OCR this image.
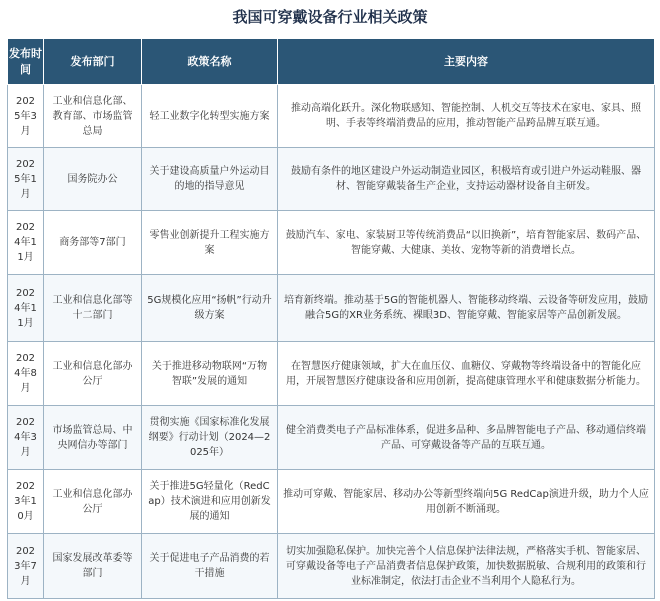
我国可穿戴设备行业相关政策
发布时间	发布部门	政策名称	主要内容
2025年3月	工业和信息化部、教育部、市场监管总局	轻工业数字化转型实施方案	推动高端化跃升。深化物联感知、智能控制、人机交互等技术在家电、家具、照明、手表等终端消费品的应用，推动智能产品跨品牌互联互通。
2025年1月	国务院办公	关于建设高质量户外运动目的地的指导意见	鼓励有条件的地区建设户外运动制造业园区，积极培育或引进户外运动鞋服、器材、智能穿戴装备生产企业，支持运动器材设备自主研发。
2024年11月	商务部等7部门	零售业创新提升工程实施方案	鼓励汽车、家电、家装厨卫等传统消费品“以旧换新”，培育智能家居、数码产品、智能穿戴、大健康、美妆、宠物等新的消费增长点。
2024年11月	工业和信息化部等十二部门	5G规模化应用“扬帆”行动升级方案	培育新终端。推动基于5G的智能机器人、智能移动终端、云设备等研发应用，鼓励融合5G的XR业务系统、裸眼3D、智能穿戴、智能家居等产品创新发展。
2024年8月	工业和信息化部办公厅	关于推进移动物联网“万物智联”发展的通知	在智慧医疗健康领域，扩大在血压仪、血糖仪、穿戴物等终端设备中的智能化应用，开展智慧医疗健康设备和应用创新，提高健康管理水平和健康数据分析能力。
2024年3月	市场监管总局、中央网信办等部门	贯彻实施《国家标准化发展纲要》行动计划（2024—2025年）	健全消费类电子产品标准体系，促进多品种、多品牌智能电子产品、移动通信终端产品、可穿戴设备等产品的互联互通。
2023年10月	工业和信息化部办公厅	关于推进5G轻量化（RedCap）技术演进和应用创新发展的通知	推动可穿戴、智能家居、移动办公等新型终端向5G RedCap演进升级，助力个人应用创新不断涌现。
2023年7月	国家发展改革委等部门	关于促进电子产品消费的若干措施	切实加强隐私保护。加快完善个人信息保护法律法规，严格落实手机、智能家居、可穿戴设备等电子产品消费者信息保护政策，加快数据脱敏、合规利用的政策和行业标准制定，依法打击企业不当利用个人隐私行为。
